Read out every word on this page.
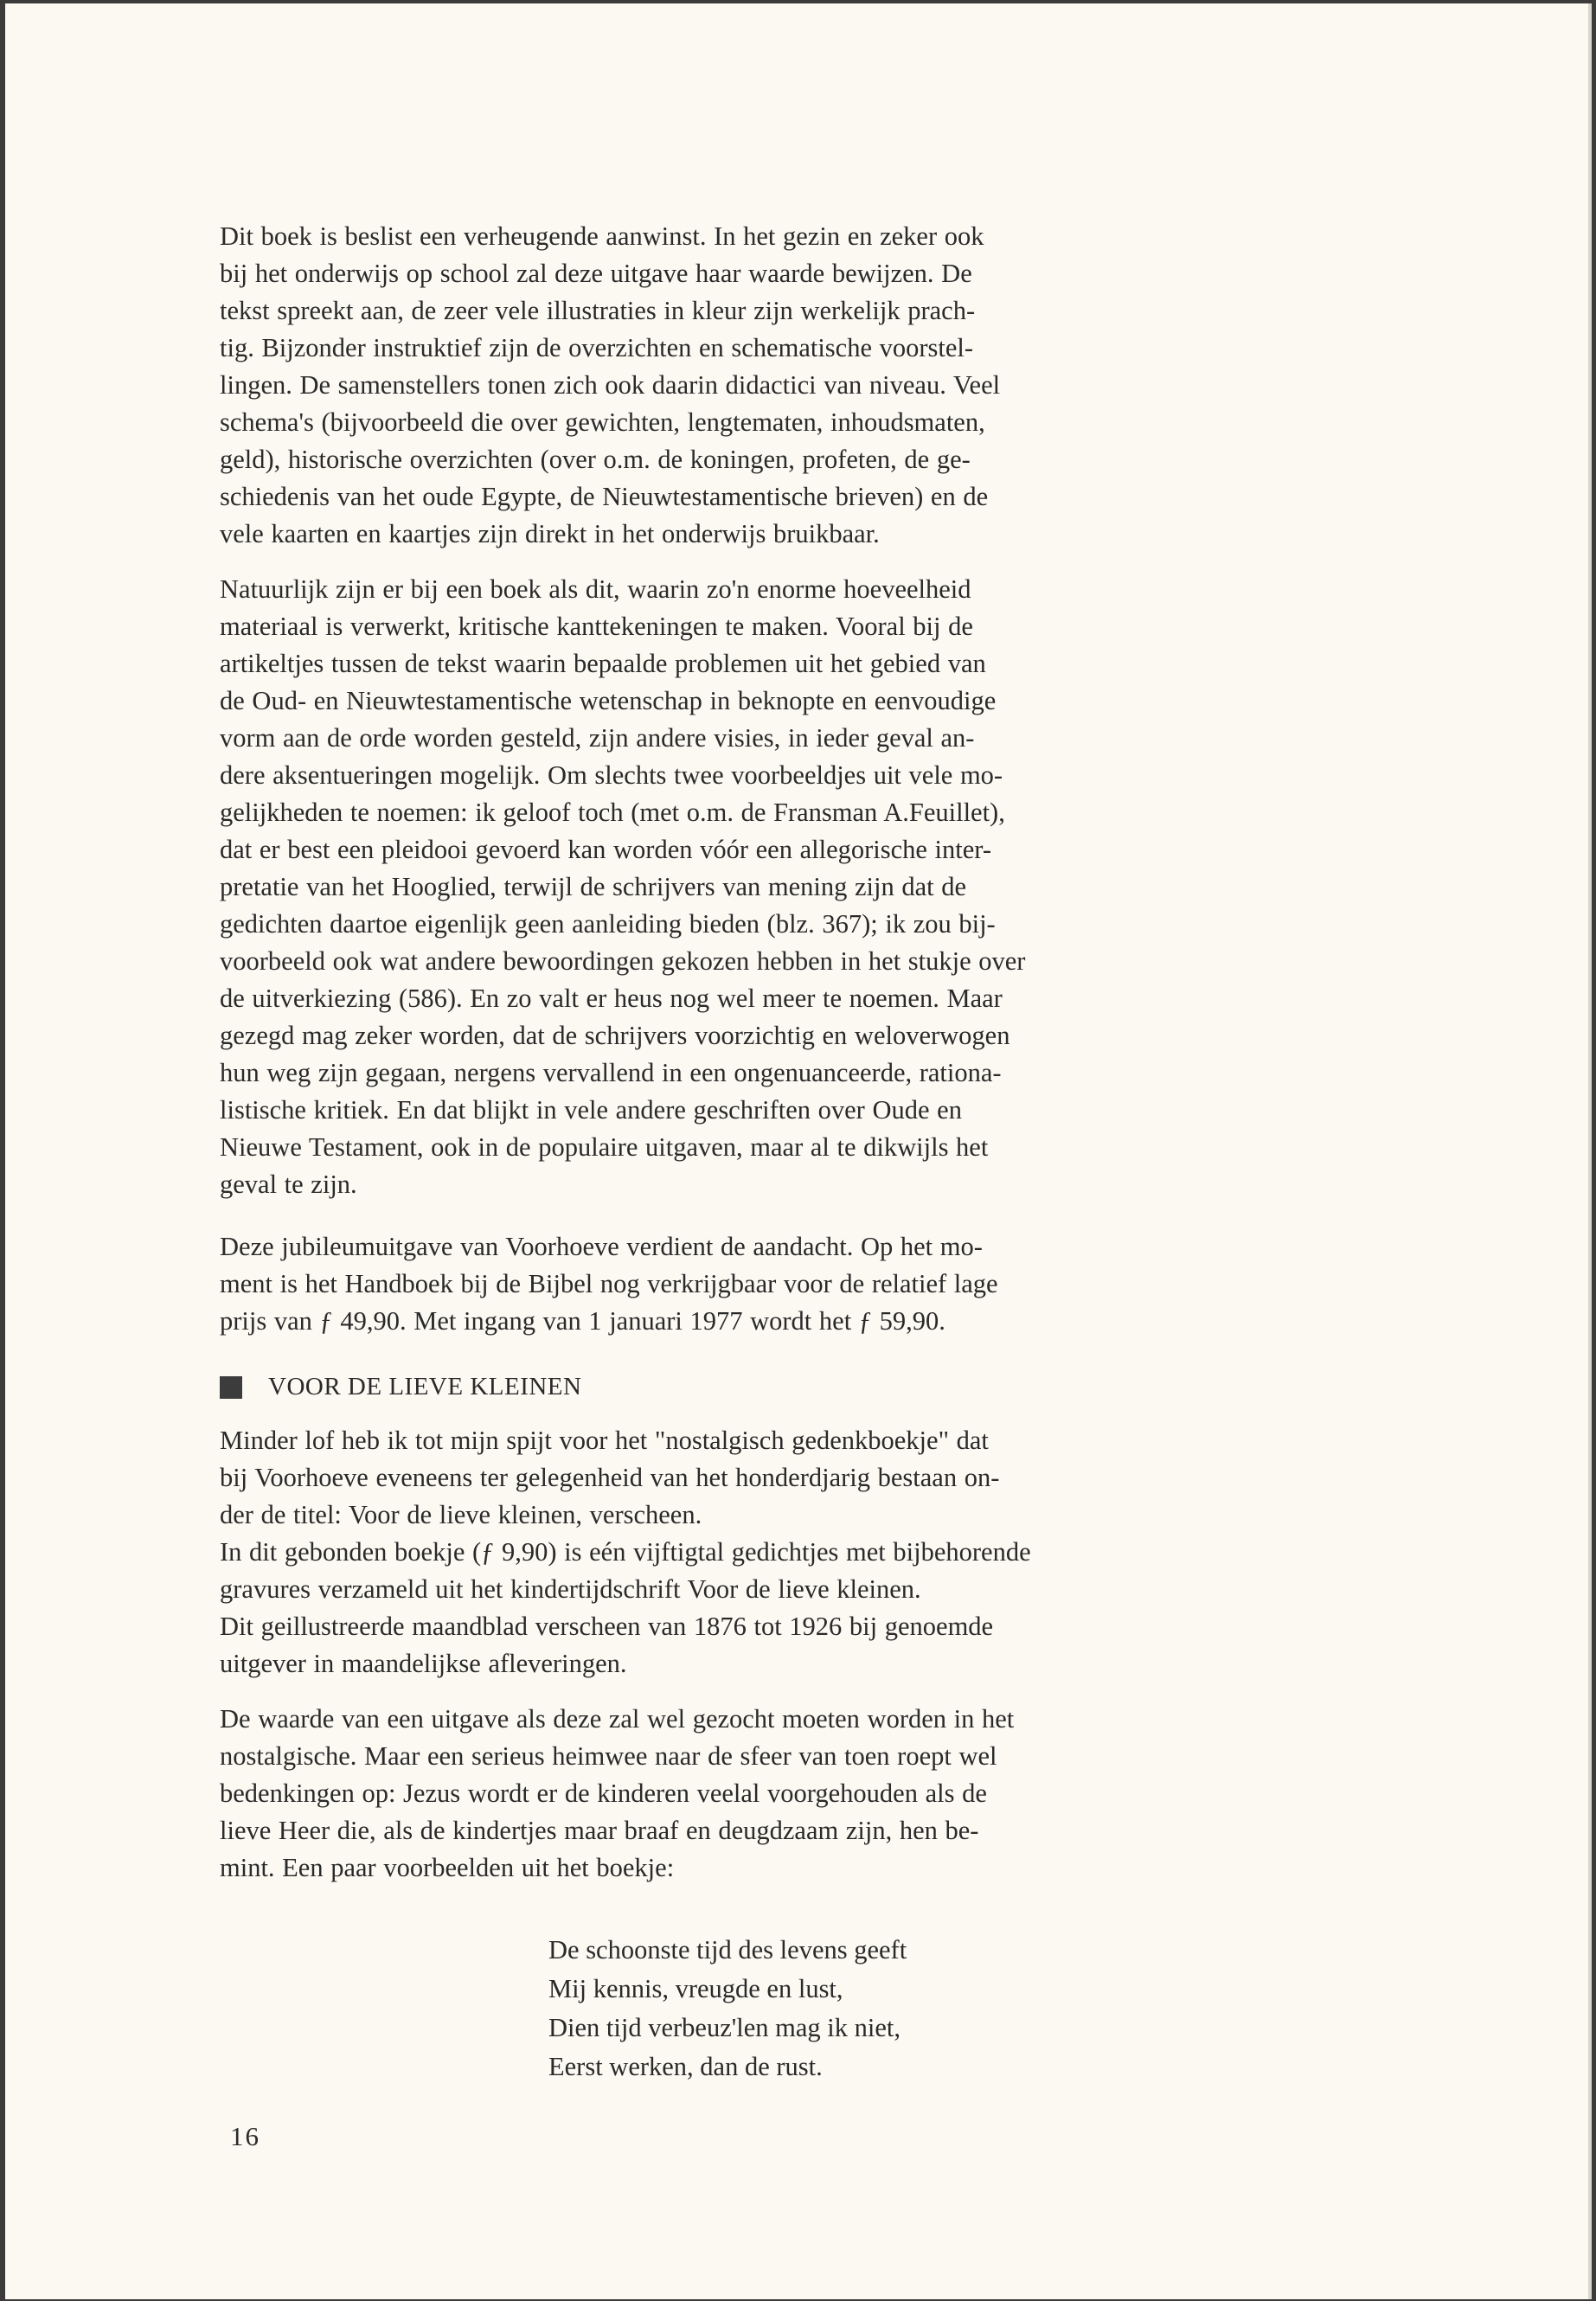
Dit boek is beslist een verheugende aanwinst. In het gezin en zeker ook
bij het onderwijs op school zal deze uitgave haar waarde bewijzen. De
tekst spreekt aan, de zeer vele illustraties in kleur zijn werkelijk prach-
tig. Bijzonder instruktief zijn de overzichten en schematische voorstel-
lingen. De samenstellers tonen zich ook daarin didactici van niveau. Veel
schema's (bijvoorbeeld die over gewichten, lengtematen, inhoudsmaten,
geld), historische overzichten (over o.m. de koningen, profeten, de ge-
schiedenis van het oude Egypte, de Nieuwtestamentische brieven) en de
vele kaarten en kaartjes zijn direkt in het onderwijs bruikbaar.

Natuurlijk zijn er bij een boek als dit, waarin zo'n enorme hoeveelheid
materiaal is verwerkt, kritische kanttekeningen te maken. Vooral bij de
artikeltjes tussen de tekst waarin bepaalde problemen uit het gebied van
de Oud- en Nieuwtestamentische wetenschap in beknopte en eenvoudige
vorm aan de orde worden gesteld, zijn andere visies, in ieder geval an-
dere aksentueringen mogelijk. Om slechts twee voorbeeldjes uit vele mo-
gelijkheden te noemen: ik geloof toch (met o.m. de Fransman A.Feuillet),
dat er best een pleidooi gevoerd kan worden vóór een allegorische inter-
pretatie van het Hooglied, terwijl de schrijvers van mening zijn dat de
gedichten daartoe eigenlijk geen aanleiding bieden (blz. 367); ik zou bij-
voorbeeld ook wat andere bewoordingen gekozen hebben in het stukje over
de uitverkiezing (586). En zo valt er heus nog wel meer te noemen. Maar
gezegd mag zeker worden, dat de schrijvers voorzichtig en weloverwogen
hun weg zijn gegaan, nergens vervallend in een ongenuanceerde, rationa-
listische kritiek. En dat blijkt in vele andere geschriften over Oude en
Nieuwe Testament, ook in de populaire uitgaven, maar al te dikwijls het
geval te zijn.

Deze jubileumuitgave van Voorhoeve verdient de aandacht. Op het mo-
ment is het Handboek bij de Bijbel nog verkrijgbaar voor de relatief lage
prijs van ƒ 49,90. Met ingang van 1 januari 1977 wordt het ƒ 59,90.

VOOR DE LIEVE KLEINEN

Minder lof heb ik tot mijn spijt voor het "nostalgisch gedenkboekje" dat
bij Voorhoeve eveneens ter gelegenheid van het honderdjarig bestaan on-
der de titel: Voor de lieve kleinen, verscheen.
In dit gebonden boekje (ƒ 9,90) is eén vijftigtal gedichtjes met bijbehorende
gravures verzameld uit het kindertijdschrift Voor de lieve kleinen.
Dit geillustreerde maandblad verscheen van 1876 tot 1926 bij genoemde
uitgever in maandelijkse afleveringen.

De waarde van een uitgave als deze zal wel gezocht moeten worden in het
nostalgische. Maar een serieus heimwee naar de sfeer van toen roept wel
bedenkingen op: Jezus wordt er de kinderen veelal voorgehouden als de
lieve Heer die, als de kindertjes maar braaf en deugdzaam zijn, hen be-
mint. Een paar voorbeelden uit het boekje:

De schoonste tijd des levens geeft
Mij kennis, vreugde en lust,
Dien tijd verbeuz'len mag ik niet,
Eerst werken, dan de rust.
16
